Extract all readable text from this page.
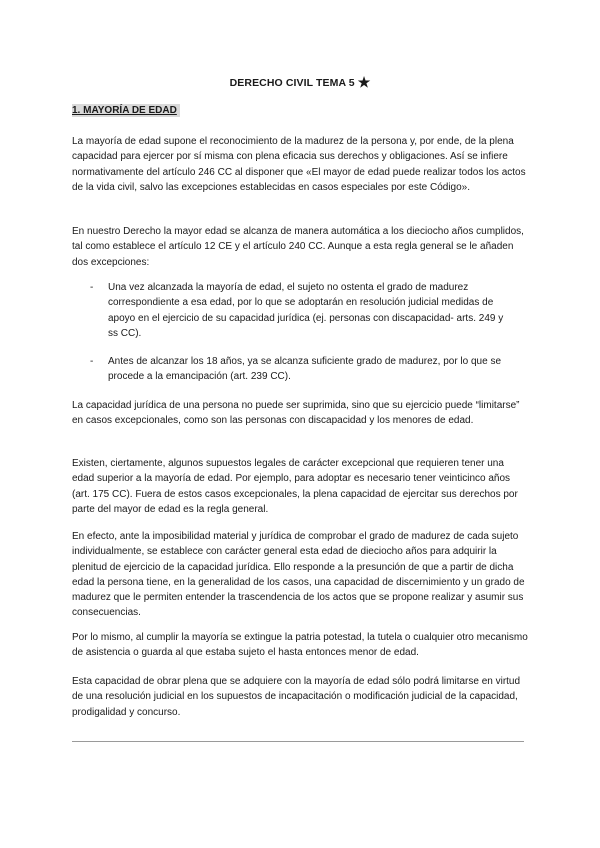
DERECHO CIVIL TEMA 5 ★
1. MAYORÍA DE EDAD

La mayoría de edad supone el reconocimiento de la madurez de la persona y, por ende, de la plena capacidad para ejercer por sí misma con plena eficacia sus derechos y obligaciones. Así se infiere normativamente del artículo 246 CC al disponer que «El mayor de edad puede realizar todos los actos de la vida civil, salvo las excepciones establecidas en casos especiales por este Código».

En nuestro Derecho la mayor edad se alcanza de manera automática a los dieciocho años cumplidos, tal como establece el artículo 12 CE y el artículo 240 CC. Aunque a esta regla general se le añaden dos excepciones:

- Una vez alcanzada la mayoría de edad, el sujeto no ostenta el grado de madurez correspondiente a esa edad, por lo que se adoptarán en resolución judicial medidas de apoyo en el ejercicio de su capacidad jurídica (ej. personas con discapacidad- arts. 249 y ss CC).
- Antes de alcanzar los 18 años, ya se alcanza suficiente grado de madurez, por lo que se procede a la emancipación (art. 239 CC).

La capacidad jurídica de una persona no puede ser suprimida, sino que su ejercicio puede “limitarse” en casos excepcionales, como son las personas con discapacidad y los menores de edad.

Existen, ciertamente, algunos supuestos legales de carácter excepcional que requieren tener una edad superior a la mayoría de edad. Por ejemplo, para adoptar es necesario tener veinticinco años (art. 175 CC). Fuera de estos casos excepcionales, la plena capacidad de ejercitar sus derechos por parte del mayor de edad es la regla general.

En efecto, ante la imposibilidad material y jurídica de comprobar el grado de madurez de cada sujeto individualmente, se establece con carácter general esta edad de dieciocho años para adquirir la plenitud de ejercicio de la capacidad jurídica. Ello responde a la presunción de que a partir de dicha edad la persona tiene, en la generalidad de los casos, una capacidad de discernimiento y un grado de madurez que le permiten entender la trascendencia de los actos que se propone realizar y asumir sus consecuencias.

Por lo mismo, al cumplir la mayoría se extingue la patria potestad, la tutela o cualquier otro mecanismo de asistencia o guarda al que estaba sujeto el hasta entonces menor de edad.

Esta capacidad de obrar plena que se adquiere con la mayoría de edad sólo podrá limitarse en virtud de una resolución judicial en los supuestos de incapacitación o modificación judicial de la capacidad, prodigalidad y concurso.
